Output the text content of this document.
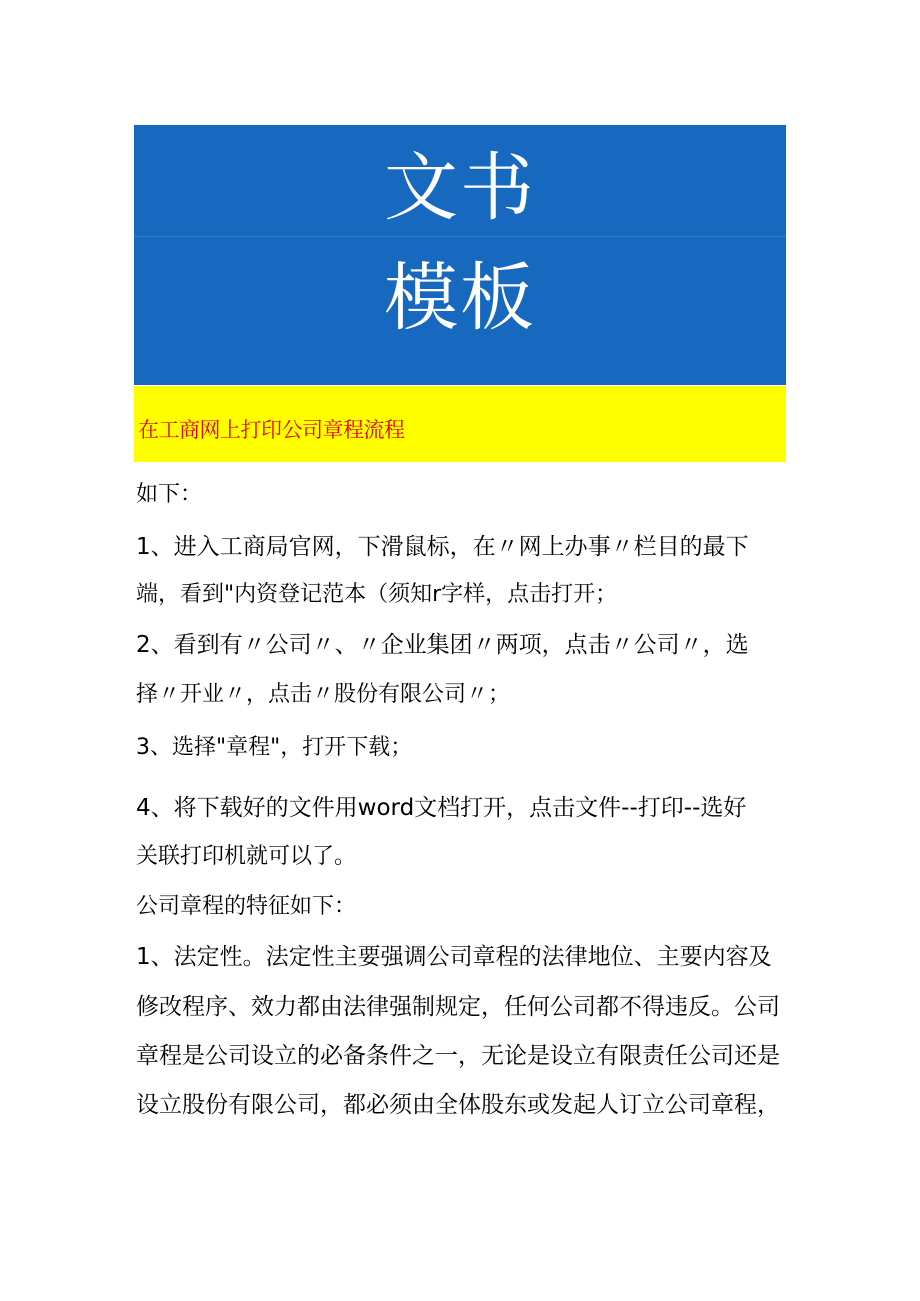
文书
模板
在工商网上打印公司章程流程
如下：
1、进入工商局官网，下滑鼠标，在〃网上办事〃栏目的最下
端，看到"内资登记范本（须知r字样，点击打开；
2、看到有〃公司〃、〃企业集团〃两项，点击〃公司〃，选
择〃开业〃，点击〃股份有限公司〃；
3、选择"章程"，打开下载；
4、将下载好的文件用word文档打开，点击文件--打印--选好
关联打印机就可以了。
公司章程的特征如下：
1、法定性。法定性主要强调公司章程的法律地位、主要内容及
修改程序、效力都由法律强制规定，任何公司都不得违反。公司
章程是公司设立的必备条件之一，无论是设立有限责任公司还是
设立股份有限公司，都必须由全体股东或发起人订立公司章程，
